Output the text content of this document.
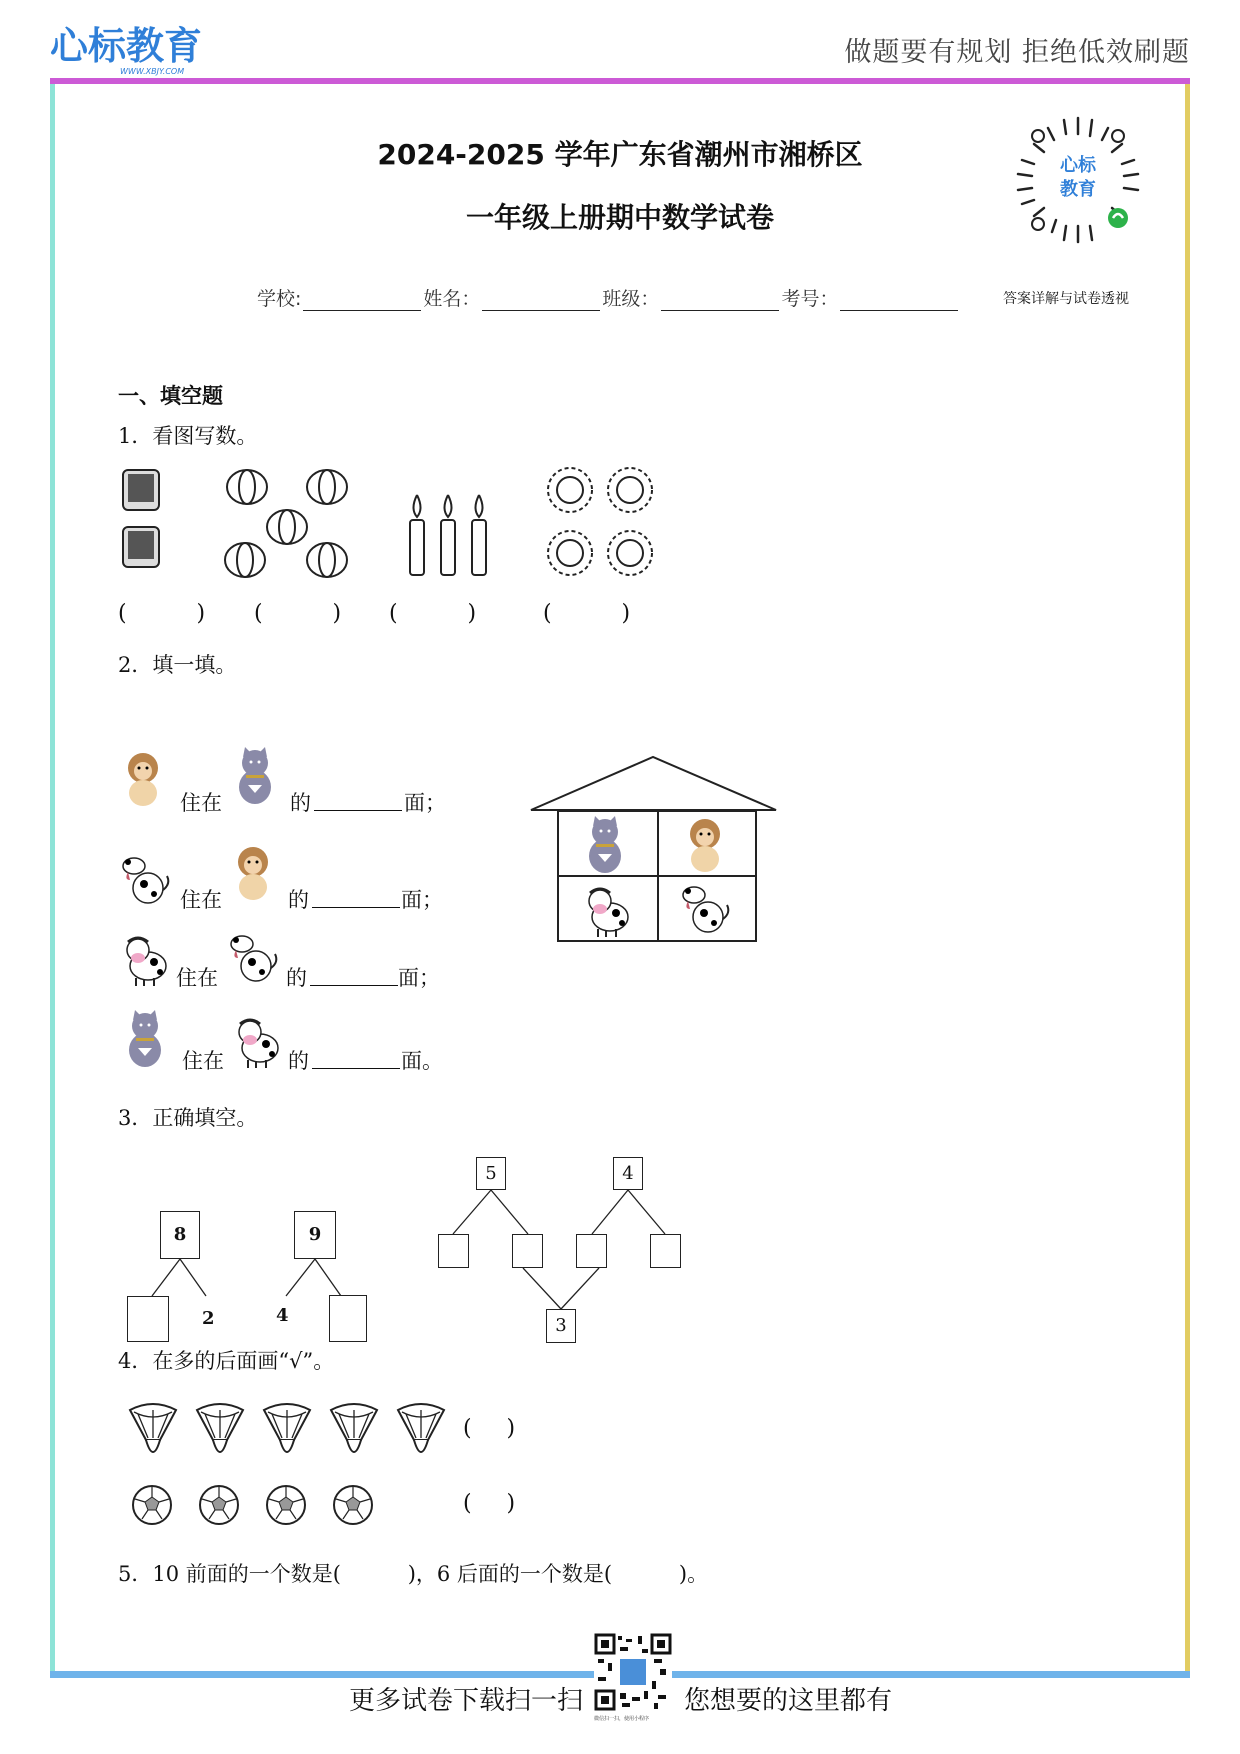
心标教育
WWW.XBJY.COM
做题要有规划 拒绝低效刷题
2024-2025 学年广东省潮州市湘桥区
一年级上册期中数学试卷
心标教育
学校:	姓名：	班级：	考号：	答案详解与试卷透视
一、填空题
1．看图写数。
(          ) (          ) (          )	(          )
2．填一填。
住在	的	面；
住在	的	面；
住在	的	面；
住在	的	面。
3．正确填空。
8
2
9
4
5	4
3
4．在多的后面画“√”。
(     )
(     )
5．10 前面的一个数是(          )，6 后面的一个数是(          )。
更多试卷下载扫一扫
微信扫一扫，使用小程序
您想要的这里都有
